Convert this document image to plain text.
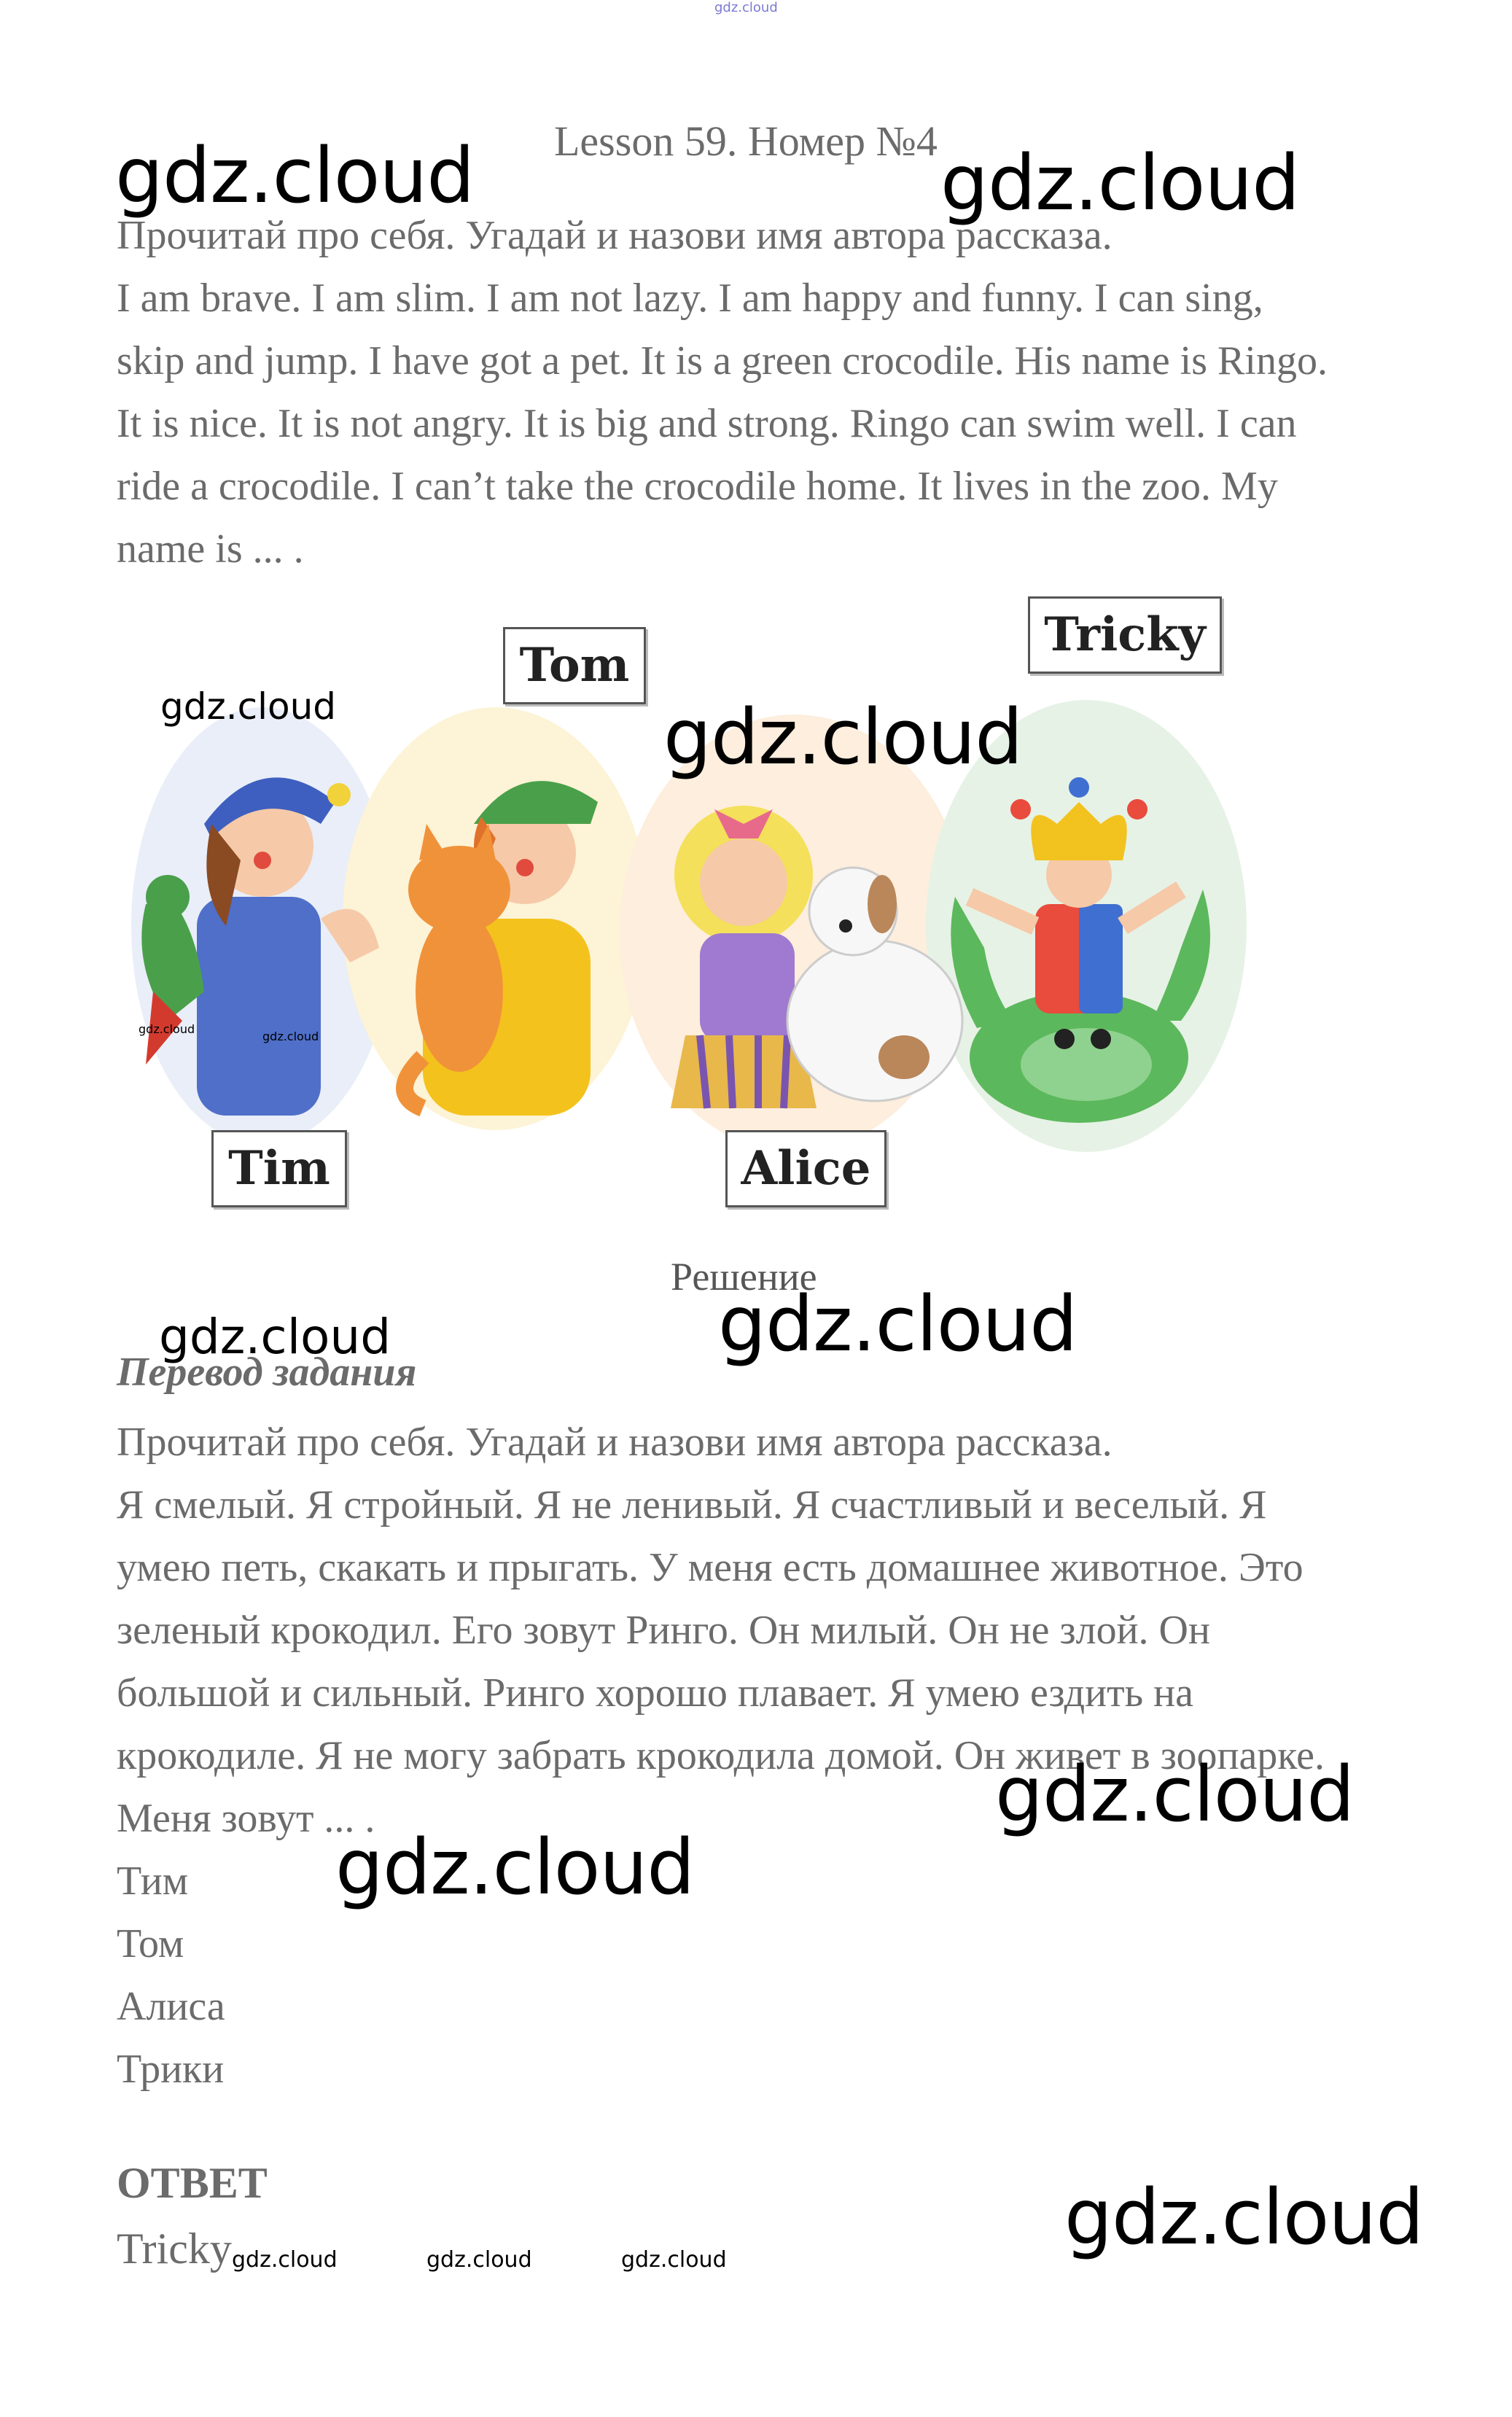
gdz.cloud
Lesson 59. Номер №4
gdz.cloud	gdz.cloud
Прочитай про себя. Угадай и назови имя автора рассказа.
I am brave. I am slim. I am not lazy. I am happy and funny. I can sing,
skip and jump. I have got a pet. It is a green crocodile. His name is Ringo.
It is nice. It is not angry. It is big and strong. Ringo can swim well. I can
ride a crocodile. I can’t take the crocodile home. It lives in the zoo. My
name is ... .
Tom
Tricky
Tim	Alice
gdz.cloud	gdz.cloud
gdz.cloud
gdz.cloud
Решение
gdz.cloud
gdz.cloud
Перевод задания
Прочитай про себя. Угадай и назови имя автора рассказа.
Я смелый. Я стройный. Я не ленивый. Я счастливый и веселый. Я
умею петь, скакать и прыгать. У меня есть домашнее животное. Это
зеленый крокодил. Его зовут Ринго. Он милый. Он не злой. Он
большой и сильный. Ринго хорошо плавает. Я умею ездить на
крокодиле. Я не могу забрать крокодила домой. Он живет в зоопарке.
Меня зовут ... .	gdz.cloud
gdz.cloud
Тим
Том
Алиса
Трики
ОТВЕТ
Tricky gdz.cloud	gdz.cloud	gdz.cloud	gdz.cloud
